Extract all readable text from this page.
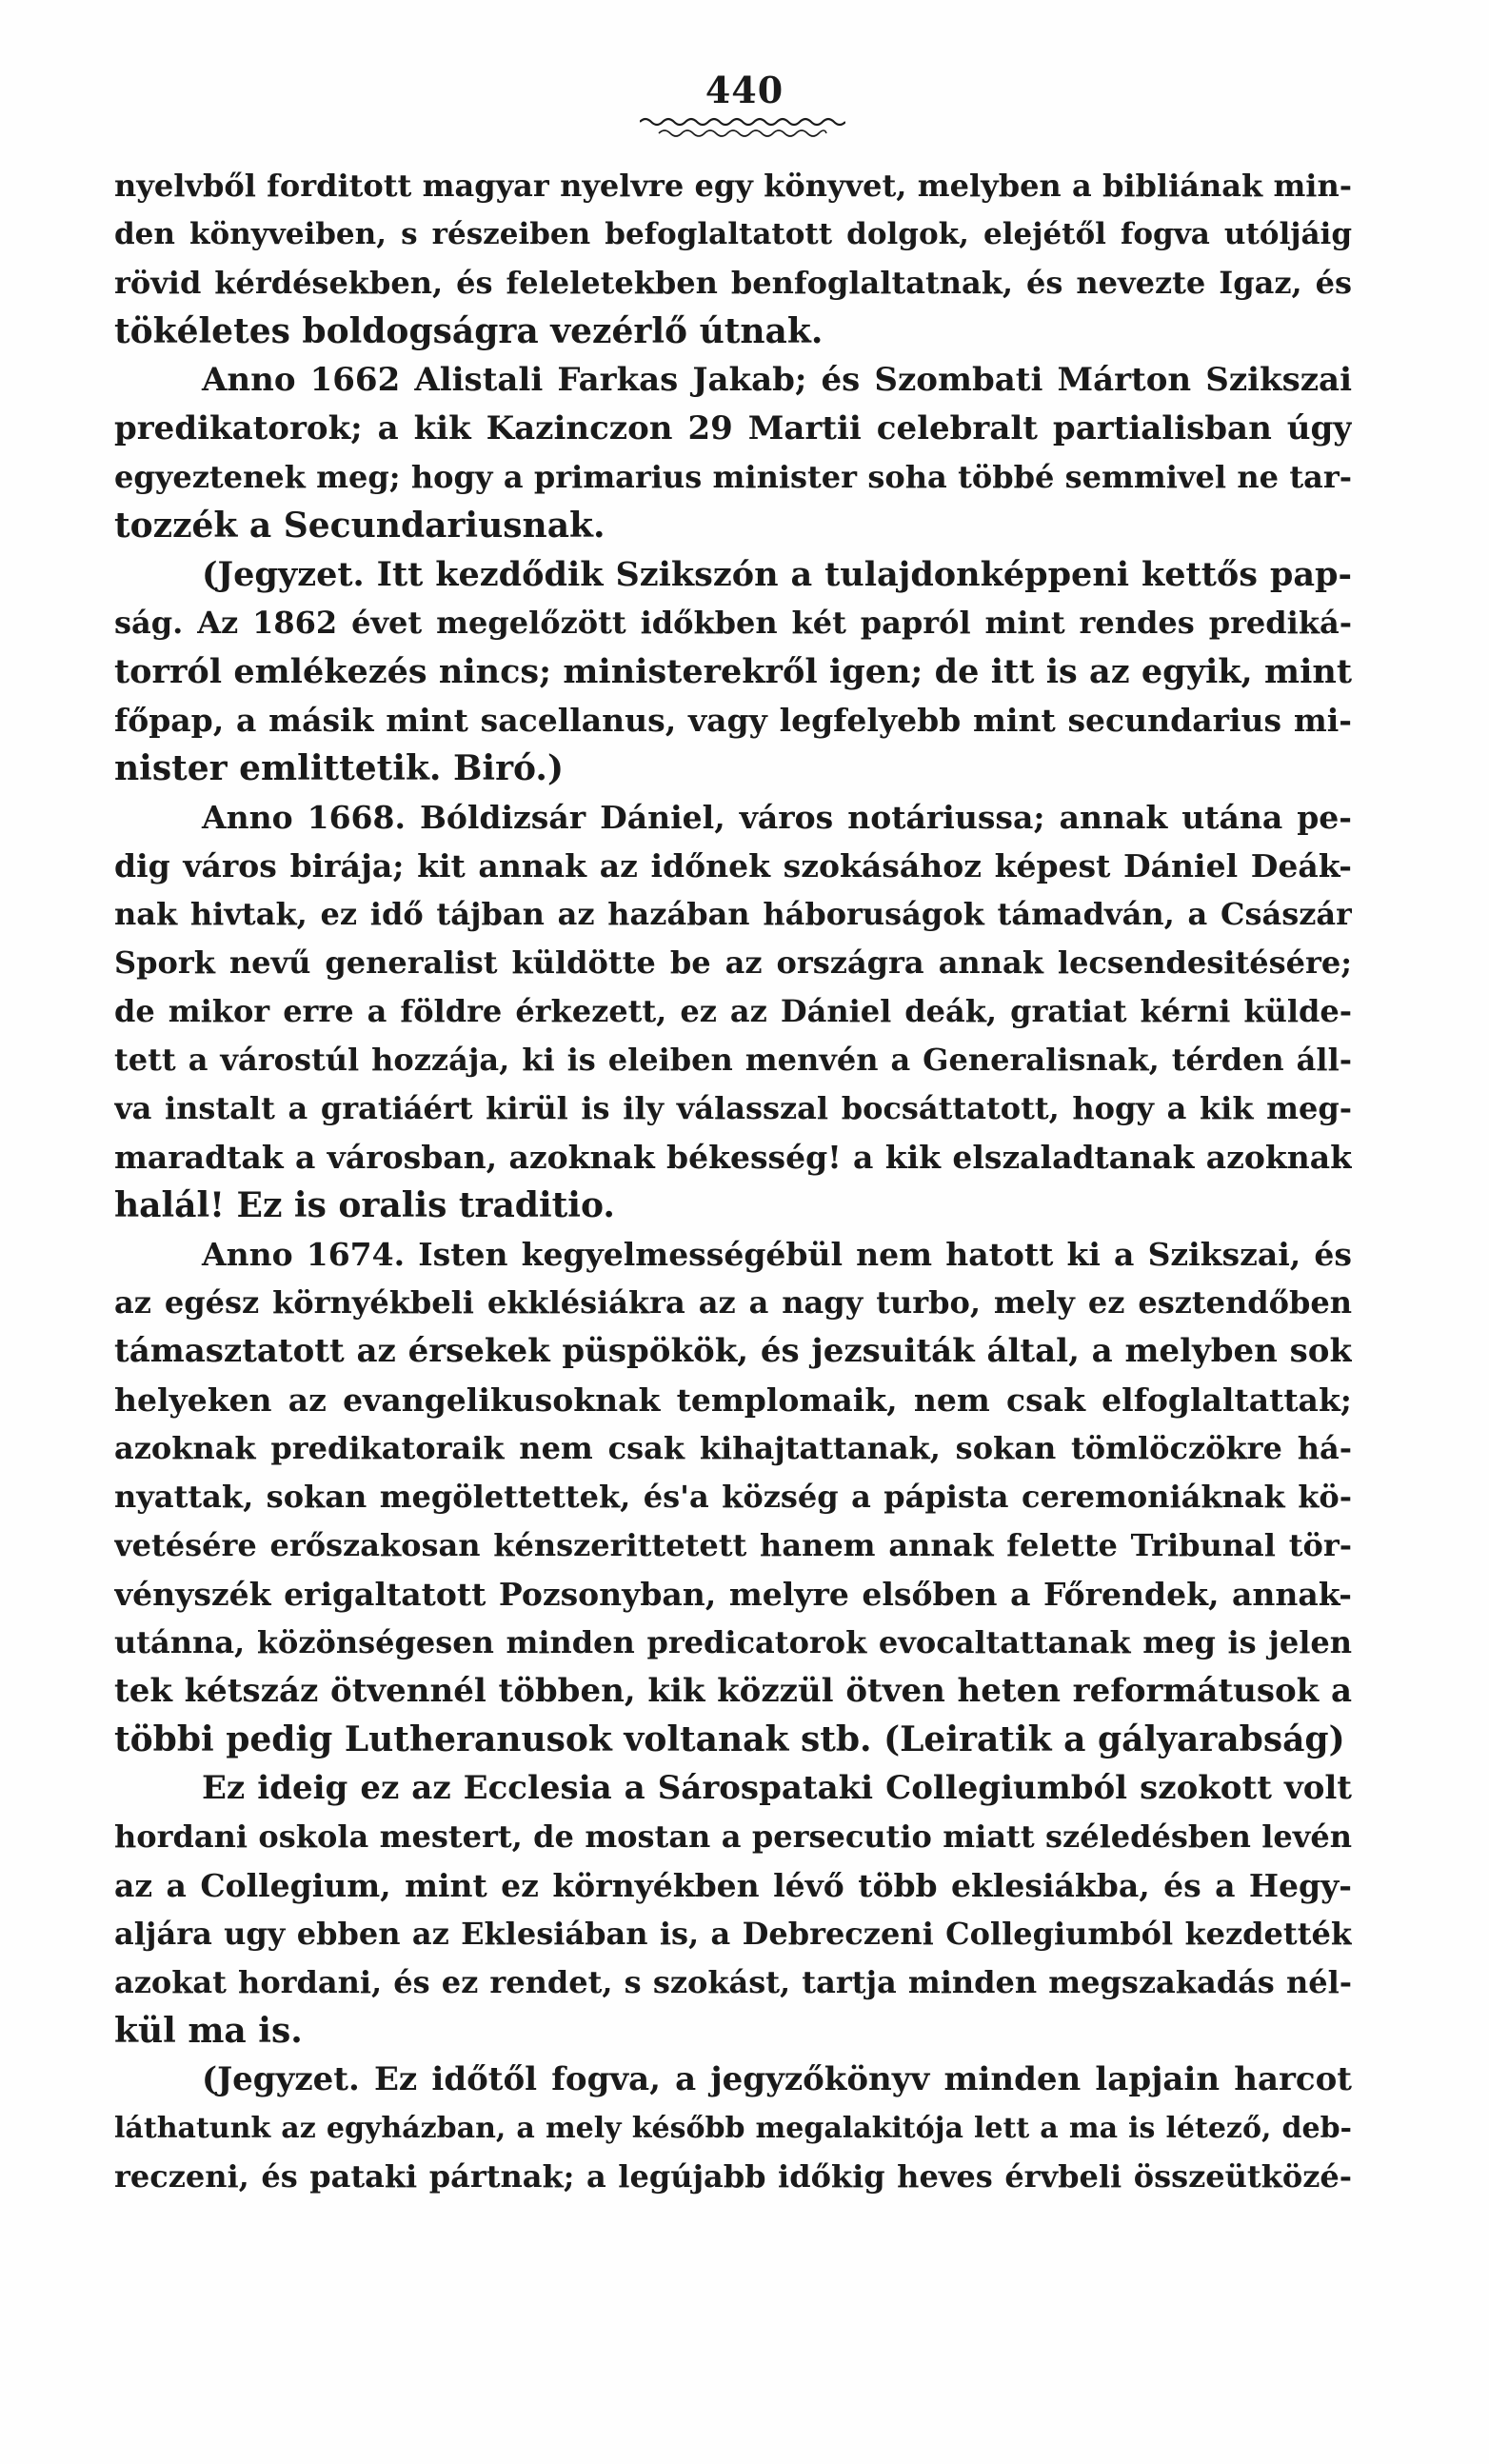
440
nyelvből forditott magyar nyelvre egy könyvet, melyben a bibliának min-
den könyveiben, s részeiben befoglaltatott dolgok, elejétől fogva utóljáig
rövid kérdésekben, és feleletekben benfoglaltatnak, és nevezte Igaz, és
tökéletes boldogságra vezérlő útnak.
Anno 1662 Alistali Farkas Jakab; és Szombati Márton Szikszai
predikatorok; a kik Kazinczon 29 Martii celebralt partialisban úgy
egyeztenek meg; hogy a primarius minister soha többé semmivel ne tar-
tozzék a Secundariusnak.
(Jegyzet. Itt kezdődik Szikszón a tulajdonképpeni kettős pap-
ság. Az 1862 évet megelőzött időkben két papról mint rendes prediká-
torról emlékezés nincs; ministerekről igen; de itt is az egyik, mint
főpap, a másik mint sacellanus, vagy legfelyebb mint secundarius mi-
nister emlittetik. Biró.)
Anno 1668. Bóldizsár Dániel, város notáriussa; annak utána pe-
dig város birája; kit annak az időnek szokásához képest Dániel Deák-
nak hivtak, ez idő tájban az hazában háboruságok támadván, a Császár
Spork nevű generalist küldötte be az országra annak lecsendesitésére;
de mikor erre a földre érkezett, ez az Dániel deák, gratiat kérni külde-
tett a várostúl hozzája, ki is eleiben menvén a Generalisnak, térden áll-
va instalt a gratiáért kirül is ily válasszal bocsáttatott, hogy a kik meg-
maradtak a városban, azoknak békesség! a kik elszaladtanak azoknak
halál! Ez is oralis traditio.
Anno 1674. Isten kegyelmességébül nem hatott ki a Szikszai, és
az egész környékbeli ekklésiákra az a nagy turbo, mely ez esztendőben
támasztatott az érsekek püspökök, és jezsuiták által, a melyben sok
helyeken az evangelikusoknak templomaik, nem csak elfoglaltattak;
azoknak predikatoraik nem csak kihajtattanak, sokan tömlöczökre há-
nyattak, sokan megölettettek, és'a község a pápista ceremoniáknak kö-
vetésére erőszakosan kénszerittetett hanem annak felette Tribunal tör-
vényszék erigaltatott Pozsonyban, melyre elsőben a Főrendek, annak-
utánna, közönségesen minden predicatorok evocaltattanak meg is jelen
tek kétszáz ötvennél többen, kik közzül ötven heten reformátusok a
többi pedig Lutheranusok voltanak stb. (Leiratik a gályarabság)
Ez ideig ez az Ecclesia a Sárospataki Collegiumból szokott volt
hordani oskola mestert, de mostan a persecutio miatt széledésben levén
az a Collegium, mint ez környékben lévő több eklesiákba, és a Hegy-
aljára ugy ebben az Eklesiában is, a Debreczeni Collegiumból kezdették
azokat hordani, és ez rendet, s szokást, tartja minden megszakadás nél-
kül ma is.
(Jegyzet. Ez időtől fogva, a jegyzőkönyv minden lapjain harcot
láthatunk az egyházban, a mely később megalakitója lett a ma is létező, deb-
reczeni, és pataki pártnak; a legújabb időkig heves érvbeli összeütközé-
